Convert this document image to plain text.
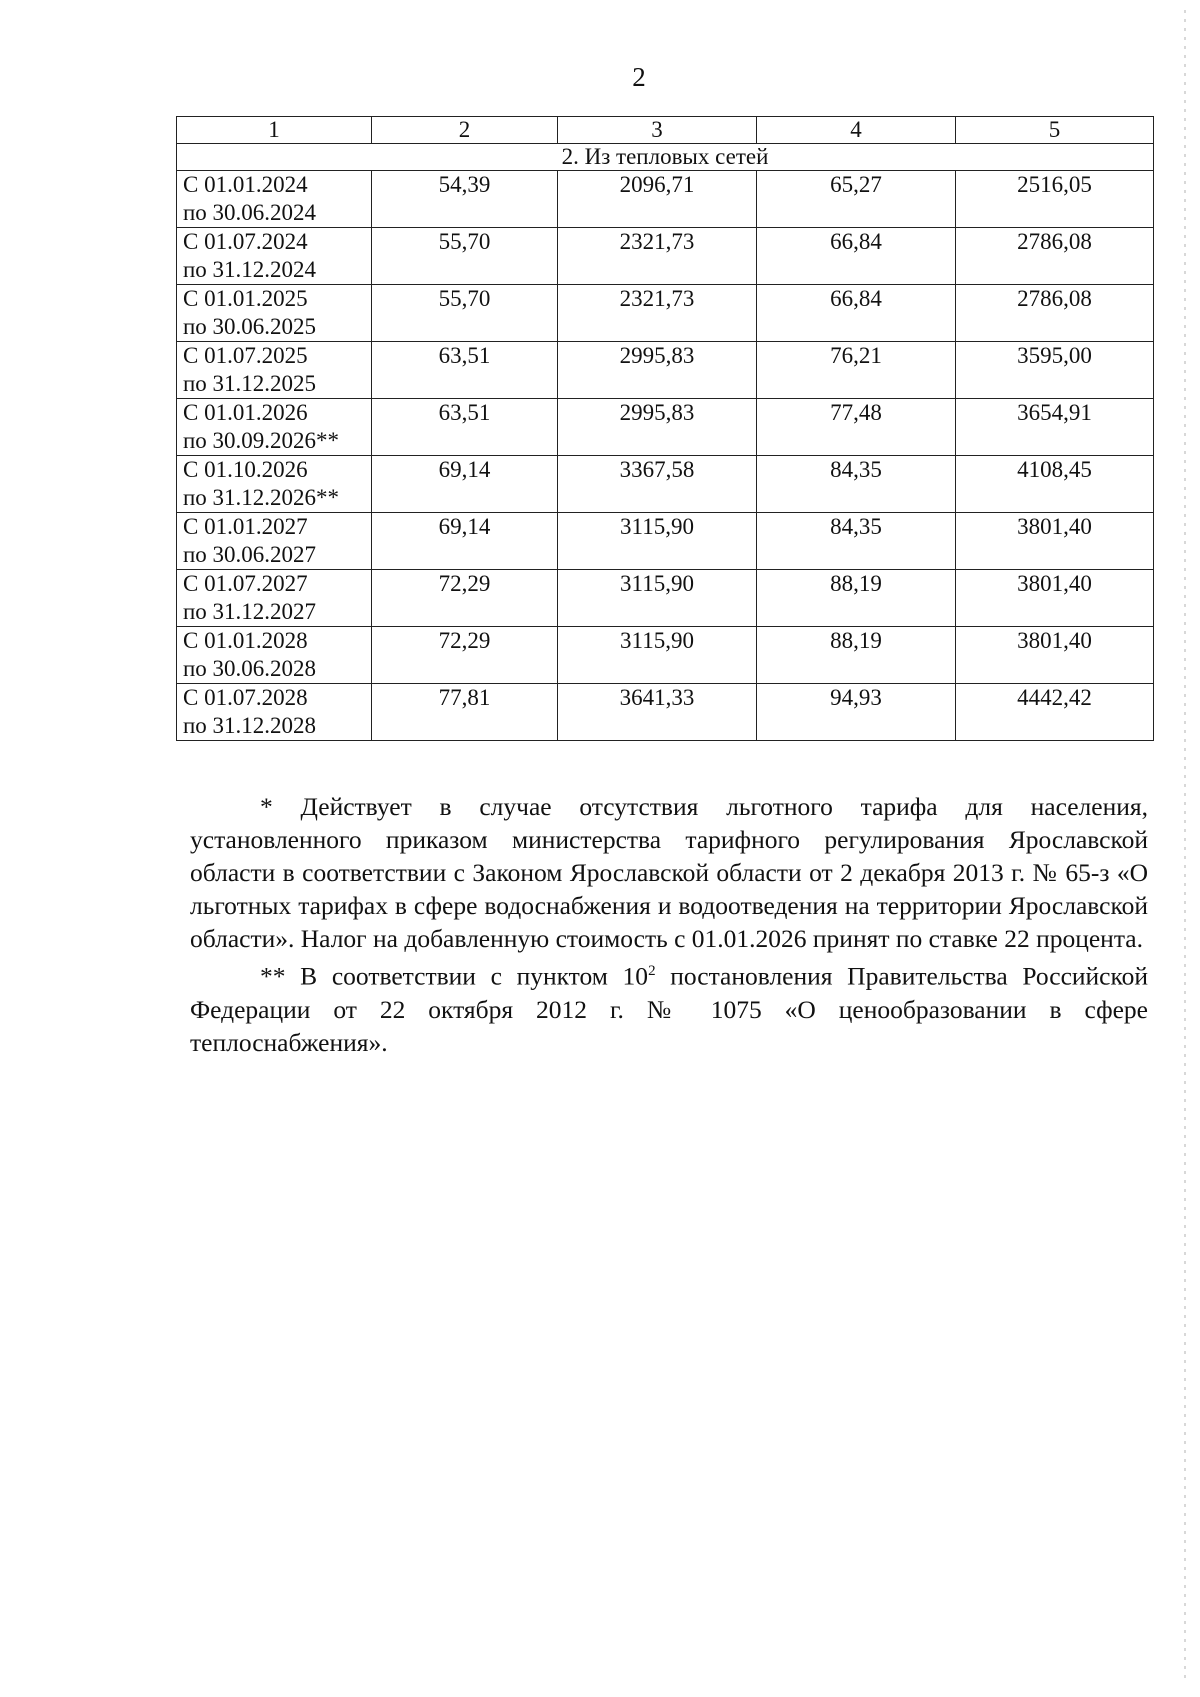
2
1	2	3	4	5
2. Из тепловых сетей				

С 01.01.2024
по 30.06.2024	54,39	2096,71	65,27	2516,05

С 01.07.2024
по 31.12.2024	55,70	2321,73	66,84	2786,08

С 01.01.2025
по 30.06.2025	55,70	2321,73	66,84	2786,08

С 01.07.2025
по 31.12.2025	63,51	2995,83	76,21	3595,00

С 01.01.2026
по 30.09.2026**	63,51	2995,83	77,48	3654,91

С 01.10.2026
по 31.12.2026**	69,14	3367,58	84,35	4108,45

С 01.01.2027
по 30.06.2027	69,14	3115,90	84,35	3801,40

С 01.07.2027
по 31.12.2027	72,29	3115,90	88,19	3801,40

С 01.01.2028
по 30.06.2028	72,29	3115,90	88,19	3801,40

С 01.07.2028
по 31.12.2028	77,81	3641,33	94,93	4442,42

* Действует в случае отсутствия льготного тарифа для населения, установленного приказом министерства тарифного регулирования Ярославской области в соответствии с Законом Ярославской области от 2 декабря 2013 г. № 65-з «О льготных тарифах в сфере водоснабжения и водоотведения на территории Ярославской области». Налог на добавленную стоимость с 01.01.2026 принят по ставке 22 процента.

** В соответствии с пунктом $10^2$ постановления Правительства Российской Федерации от 22 октября 2012 г. № 1075 «О ценообразовании в сфере теплоснабжения».
